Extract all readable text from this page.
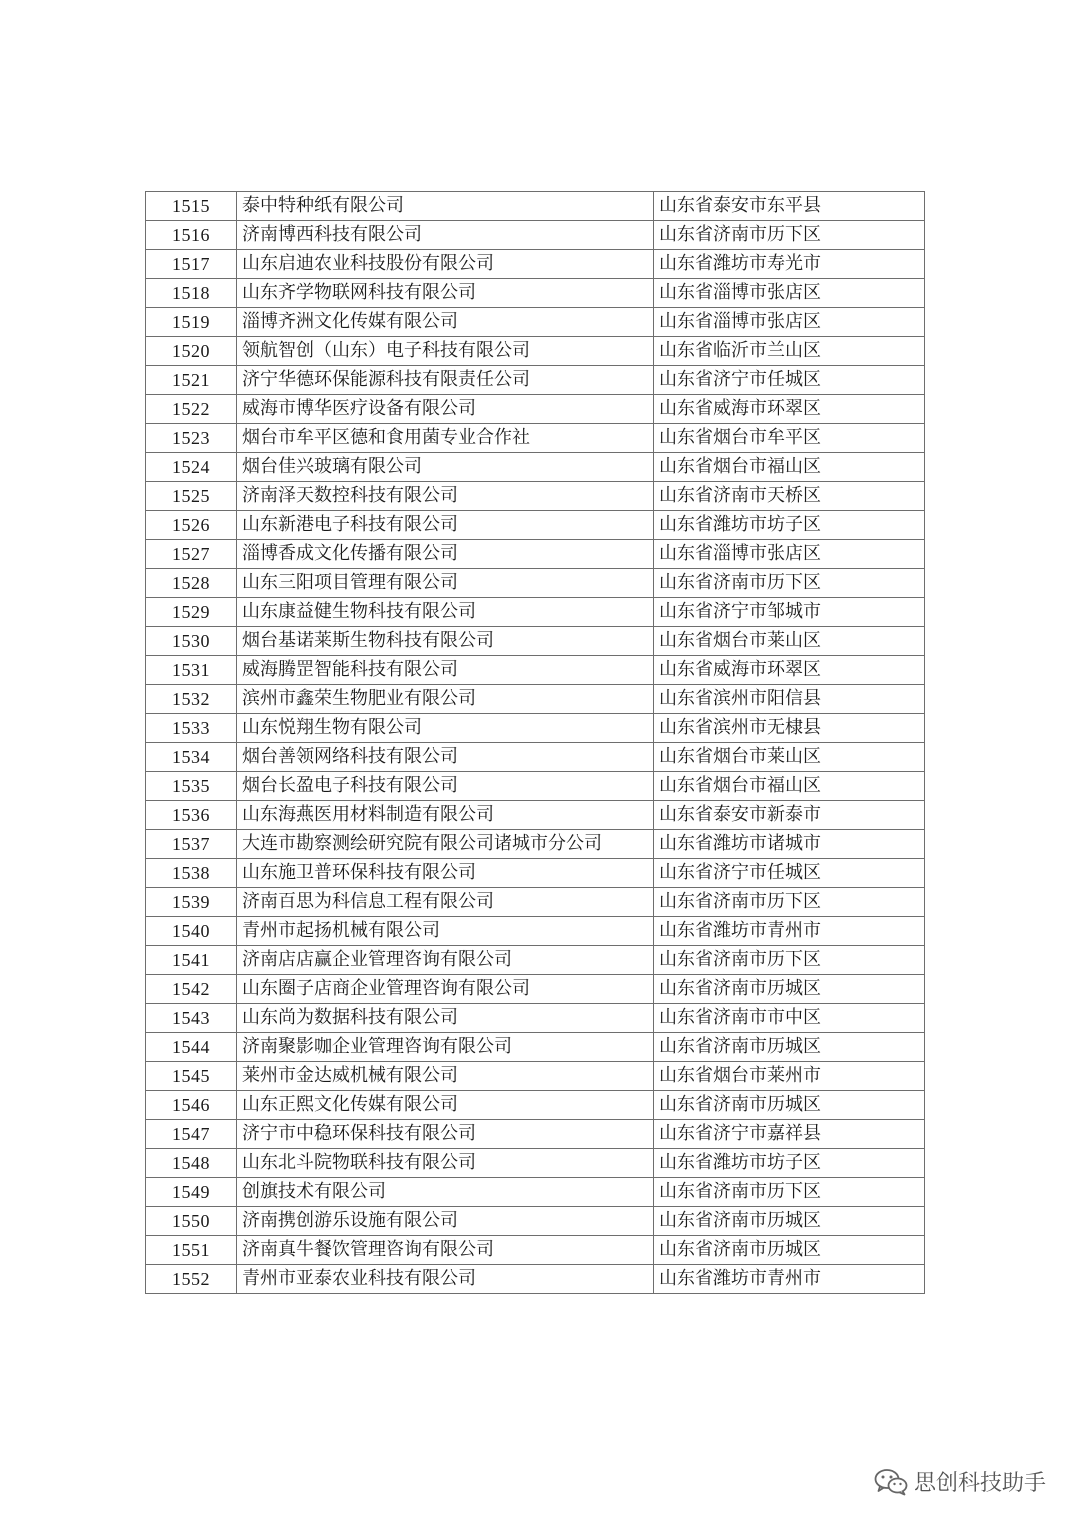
1515	泰中特种纸有限公司	山东省泰安市东平县
1516	济南博西科技有限公司	山东省济南市历下区
1517	山东启迪农业科技股份有限公司	山东省潍坊市寿光市
1518	山东齐学物联网科技有限公司	山东省淄博市张店区
1519	淄博齐洲文化传媒有限公司	山东省淄博市张店区
1520	领航智创（山东）电子科技有限公司	山东省临沂市兰山区
1521	济宁华德环保能源科技有限责任公司	山东省济宁市任城区
1522	威海市博华医疗设备有限公司	山东省威海市环翠区
1523	烟台市牟平区德和食用菌专业合作社	山东省烟台市牟平区
1524	烟台佳兴玻璃有限公司	山东省烟台市福山区
1525	济南泽天数控科技有限公司	山东省济南市天桥区
1526	山东新港电子科技有限公司	山东省潍坊市坊子区
1527	淄博香成文化传播有限公司	山东省淄博市张店区
1528	山东三阳项目管理有限公司	山东省济南市历下区
1529	山东康益健生物科技有限公司	山东省济宁市邹城市
1530	烟台基诺莱斯生物科技有限公司	山东省烟台市莱山区
1531	威海腾罡智能科技有限公司	山东省威海市环翠区
1532	滨州市鑫荣生物肥业有限公司	山东省滨州市阳信县
1533	山东悦翔生物有限公司	山东省滨州市无棣县
1534	烟台善领网络科技有限公司	山东省烟台市莱山区
1535	烟台长盈电子科技有限公司	山东省烟台市福山区
1536	山东海燕医用材料制造有限公司	山东省泰安市新泰市
1537	大连市勘察测绘研究院有限公司诸城市分公司	山东省潍坊市诸城市
1538	山东施卫普环保科技有限公司	山东省济宁市任城区
1539	济南百思为科信息工程有限公司	山东省济南市历下区
1540	青州市起扬机械有限公司	山东省潍坊市青州市
1541	济南店店赢企业管理咨询有限公司	山东省济南市历下区
1542	山东圈子店商企业管理咨询有限公司	山东省济南市历城区
1543	山东尚为数据科技有限公司	山东省济南市市中区
1544	济南聚影咖企业管理咨询有限公司	山东省济南市历城区
1545	莱州市金达威机械有限公司	山东省烟台市莱州市
1546	山东正熙文化传媒有限公司	山东省济南市历城区
1547	济宁市中稳环保科技有限公司	山东省济宁市嘉祥县
1548	山东北斗院物联科技有限公司	山东省潍坊市坊子区
1549	创旗技术有限公司	山东省济南市历下区
1550	济南携创游乐设施有限公司	山东省济南市历城区
1551	济南真牛餐饮管理咨询有限公司	山东省济南市历城区
1552	青州市亚泰农业科技有限公司	山东省潍坊市青州市
思创科技助手
